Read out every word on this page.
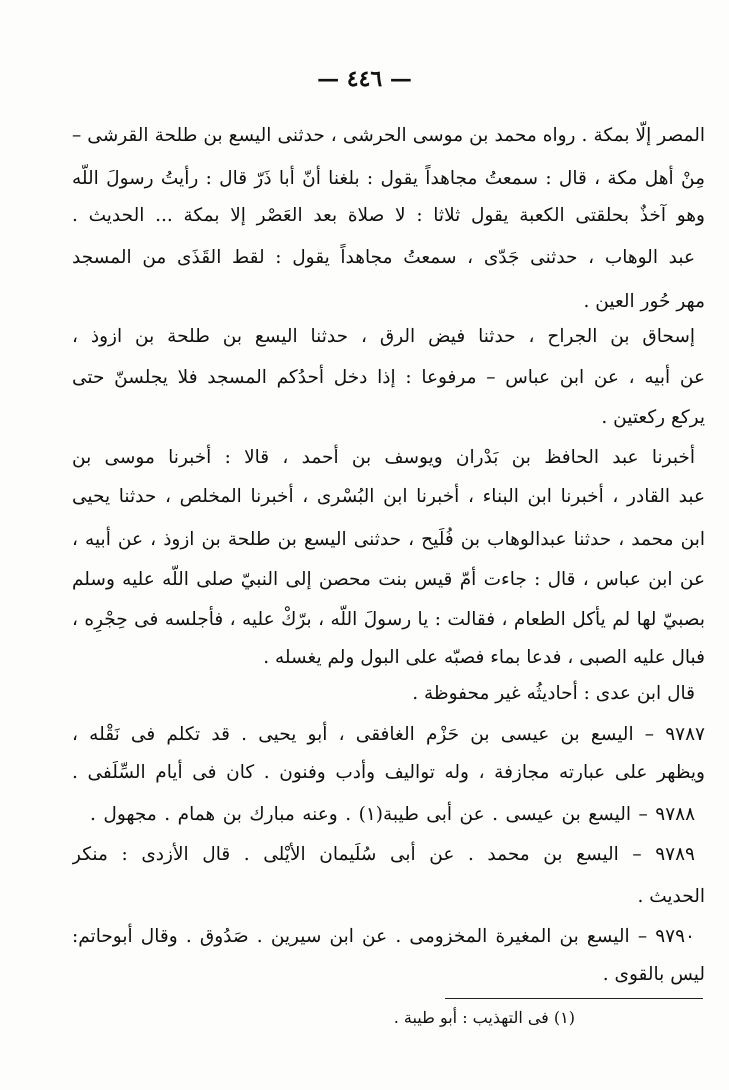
— ٤٤٦ —
المصر إلّا بمكة . رواه محمد بن موسى الحرشى ، حدثنى اليسع بن طلحة القرشى –
مِنْ أهل مكة ، قال : سمعتُ مجاهداً يقول : بلغنا أنّ أبا ذَرّ قال : رأيتُ رسولَ اللّه
وهو آخذٌ بحلقتى الكعبة يقول ثلاثا : لا صلاة بعد العَصْر إلا بمكة ... الحديث .
عبد الوهاب ، حدثنى جَدّى ، سمعتُ مجاهداً يقول : لقط القَذَى من المسجد
مهر حُور العين .
إسحاق بن الجراح ، حدثنا فيض الرق ، حدثنا اليسع بن طلحة بن ازوذ ،
عن أبيه ، عن ابن عباس – مرفوعا : إذا دخل أحدُكم المسجد فلا يجلسنّ حتى
يركع ركعتين .
أخبرنا عبد الحافظ بن بَدْران ويوسف بن أحمد ، قالا : أخبرنا موسى بن
عبد القادر ، أخبرنا ابن البناء ، أخبرنا ابن البُسْرى ، أخبرنا المخلص ، حدثنا يحيى
ابن محمد ، حدثنا عبدالوهاب بن فُلَيح ، حدثنى اليسع بن طلحة بن ازوذ ، عن أبيه ،
عن ابن عباس ، قال : جاءت أمّ قيس بنت محصن إلى النبيّ صلى اللّه عليه وسلم
بصبيّ لها لم يأكل الطعام ، فقالت : يا رسولَ اللّه ، برّكْ عليه ، فأجلسه فى حِجْرِه ،
فبال عليه الصبى ، فدعا بماء فصبّه على البول ولم يغسله .
قال ابن عدى : أحاديثُه غير محفوظة .
٩٧٨٧ – اليسع بن عيسى بن حَزْم الغافقى ، أبو يحيى . قد تكلم فى نَقْله ،
ويظهر على عبارته مجازفة ، وله تواليف وأدب وفنون . كان فى أيام السِّلَفى .
٩٧٨٨ – اليسع بن عيسى . عن أبى طيبة(١) . وعنه مبارك بن همام . مجهول .
٩٧٨٩ – اليسع بن محمد . عن أبى سُلَيمان الأيْلى . قال الأزدى : منكر
الحديث .
٩٧٩٠ – اليسع بن المغيرة المخزومى . عن ابن سيرين . صَدُوق . وقال أبوحاتم:
ليس بالقوى .
(١) فى التهذيب : أبو طيبة .
